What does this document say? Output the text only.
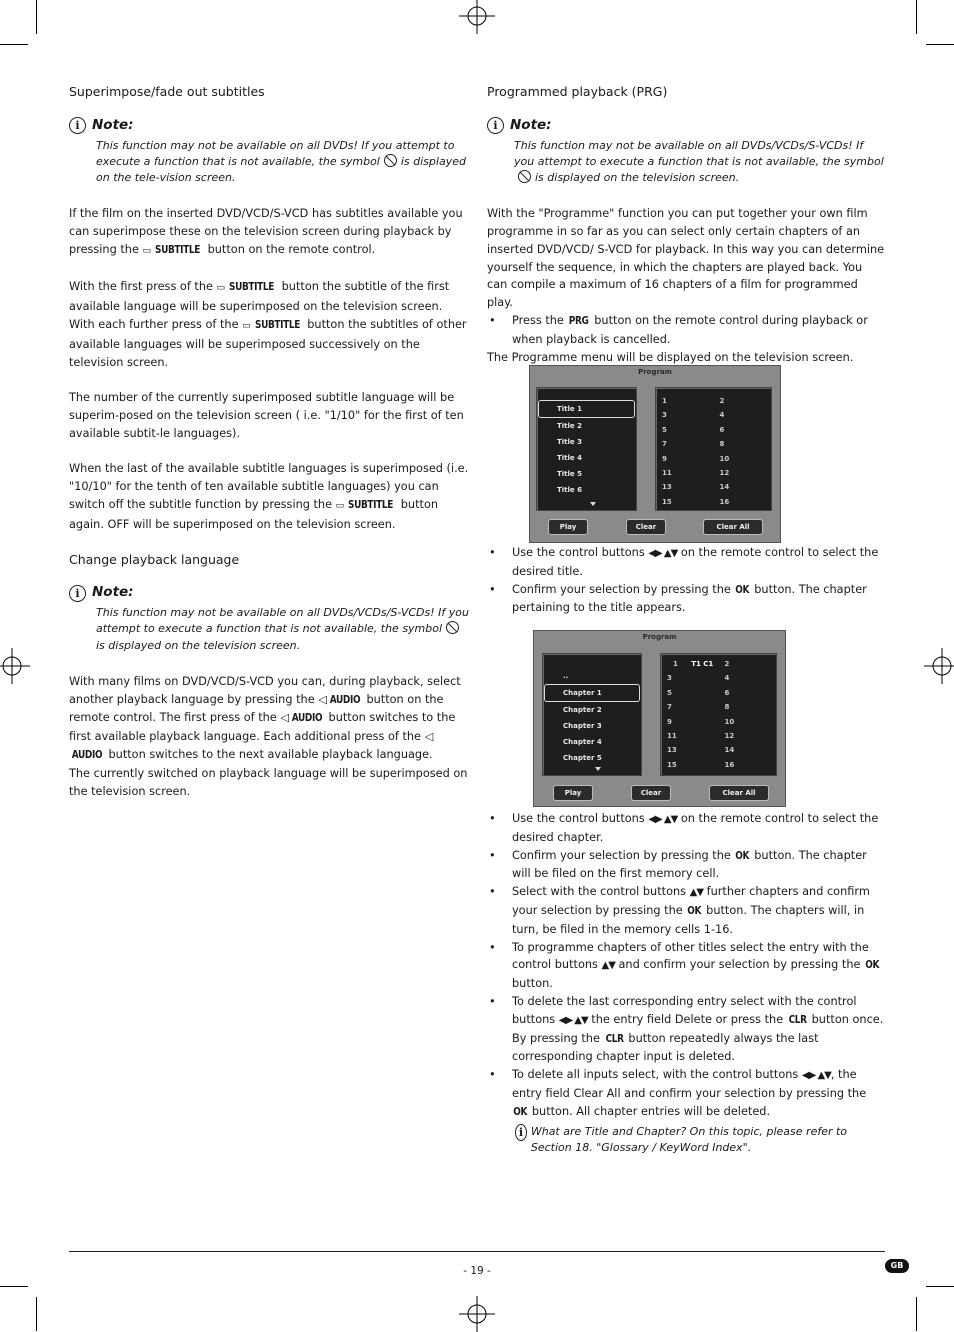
Superimpose/fade out subtitles

i Note:
This function may not be available on all DVDs! If you attempt to execute a function that is not available, the symbol is displayed on the tele-vision screen.

If the film on the inserted DVD/VCD/S-VCD has subtitles available you can superimpose these on the television screen during playback by pressing the ▭ SUBTITLE button on the remote control.

With the first press of the ▭ SUBTITLE button the subtitle of the first available language will be superimposed on the television screen. With each further press of the ▭ SUBTITLE button the subtitles of other available languages will be superimposed successively on the television screen.

The number of the currently superimposed subtitle language will be superim-posed on the television screen ( i.e. "1/10" for the first of ten available subtit-le languages).

When the last of the available subtitle languages is superimposed (i.e. "10/10" for the tenth of ten available subtitle languages) you can switch off the subtitle function by pressing the ▭ SUBTITLE button again. OFF will be superimposed on the television screen.

Change playback language

i Note:
This function may not be available on all DVDs/VCDs/S-VCDs! If you attempt to execute a function that is not available, the symbolis displayed on the television screen.

With many films on DVD/VCD/S-VCD you can, during playback, select another playback language by pressing the ◁ AUDIO button on the remote control. The first press of the ◁ AUDIO button switches to the first available playback language. Each additional press of the ◁AUDIO button switches to the next available playback language.

The currently switched on playback language will be superimposed on the television screen.

Programmed playback (PRG)

i Note:
This function may not be available on all DVDs/VCDs/S-VCDs! If you attempt to execute a function that is not available, the symbolis displayed on the television screen.

With the "Programme" function you can put together your own film programme in so far as you can select only certain chapters of an inserted DVD/VCD/ S-VCD for playback. In this way you can determine yourself the sequence, in which the chapters are played back. You can compile a maximum of 16 chapters of a film for programmed play.

• Press the PRG button on the remote control during playback or when playback is cancelled.

The Programme menu will be displayed on the television screen.

Program
Title 1
Title 2
Title 3
Title 4
Title 5
Title 6
1	2
3	4
5	6
7	8
9	10
11	12
13	14
15	16
Play	Clear	Clear All
• Use the control buttons ◀▶ ▲▼ on the remote control to select the desired title.
• Confirm your selection by pressing the OK button. The chapter pertaining to the title appears.
Program
..
Chapter 1
Chapter 2
Chapter 3
Chapter 4
Chapter 5
1 T1 C1	2
3	4
5	6
7	8
9	10
11	12
13	14
15	16
Play	Clear	Clear All
• Use the control buttons ◀▶ ▲▼ on the remote control to select the desired chapter.
• Confirm your selection by pressing the OK button. The chapter will be filed on the first memory cell.
• Select with the control buttons ▲▼ further chapters and confirm your selection by pressing the OK button. The chapters will, in turn, be filed in the memory cells 1-16.
• To programme chapters of other titles select the entry with the control buttons ▲▼ and confirm your selection by pressing the OK button.
• To delete the last corresponding entry select with the control buttons ◀▶ ▲▼ the entry field Delete or press the CLR button once. By pressing the CLR button repeatedly always the last corresponding chapter input is deleted.
• To delete all inputs select, with the control buttons ◀▶ ▲▼, the entry field Clear All and confirm your selection by pressing the OK button. All chapter entries will be deleted.
i What are Title and Chapter? On this topic, please refer to Section 18. "Glossary / KeyWord Index".
- 19 -	GB
